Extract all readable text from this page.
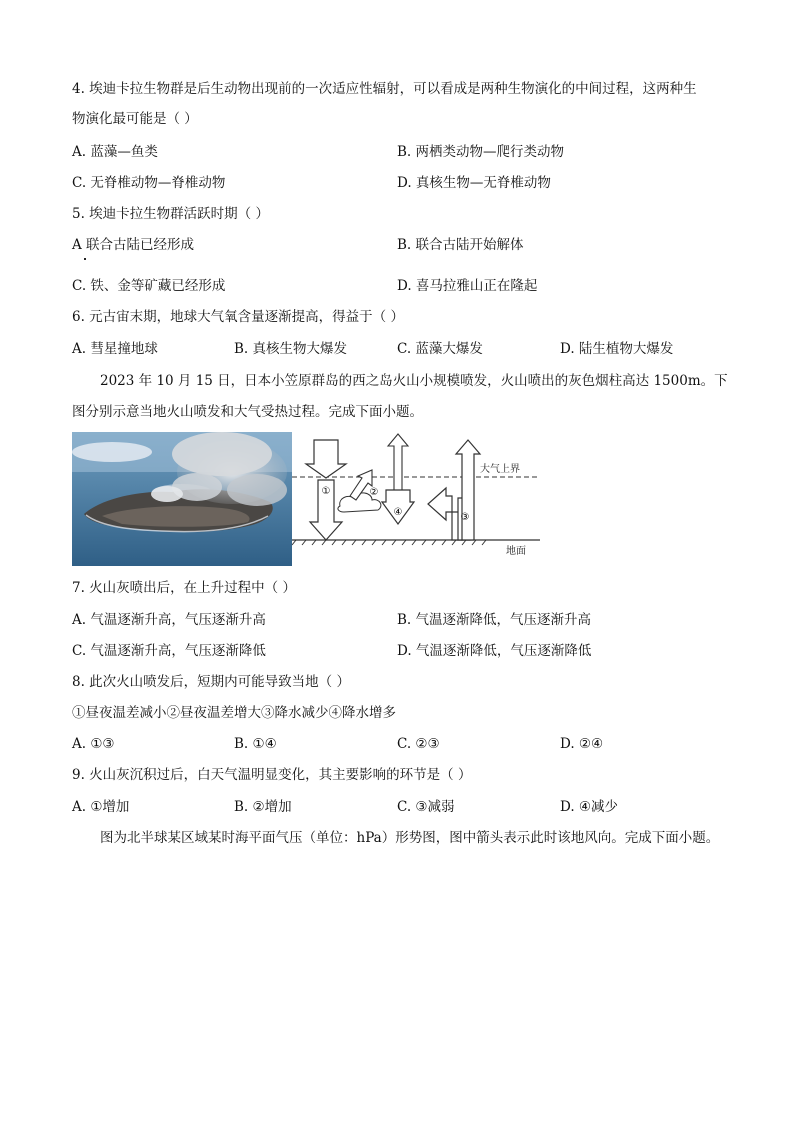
4. 埃迪卡拉生物群是后生动物出现前的一次适应性辐射，可以看成是两种生物演化的中间过程，这两种生
物演化最可能是（ ）
A. 蓝藻—鱼类	B. 两栖类动物—爬行类动物
C. 无脊椎动物—脊椎动物	D. 真核生物—无脊椎动物
5. 埃迪卡拉生物群活跃时期（ ）
A 联合古陆已经形成	B. 联合古陆开始解体
C. 铁、金等矿藏已经形成	D. 喜马拉雅山正在隆起
6. 元古宙末期，地球大气氧含量逐渐提高，得益于（ ）
A. 彗星撞地球	B. 真核生物大爆发	C. 蓝藻大爆发	D. 陆生植物大爆发
2023 年 10 月 15 日，日本小笠原群岛的西之岛火山小规模喷发，火山喷出的灰色烟柱高达 1500m。下
图分别示意当地火山喷发和大气受热过程。完成下面小题。
①	②
④	③
大气上界
地面
7. 火山灰喷出后，在上升过程中（ ）
A. 气温逐渐升高，气压逐渐升高	B. 气温逐渐降低，气压逐渐升高
C. 气温逐渐升高，气压逐渐降低	D. 气温逐渐降低，气压逐渐降低
8. 此次火山喷发后，短期内可能导致当地（ ）
①昼夜温差减小②昼夜温差增大③降水减少④降水增多
A. ①③	B. ①④	C. ②③	D. ②④
9. 火山灰沉积过后，白天气温明显变化，其主要影响的环节是（ ）
A. ①增加	B. ②增加	C. ③减弱	D. ④减少
图为北半球某区域某时海平面气压（单位：hPa）形势图，图中箭头表示此时该地风向。完成下面小题。
